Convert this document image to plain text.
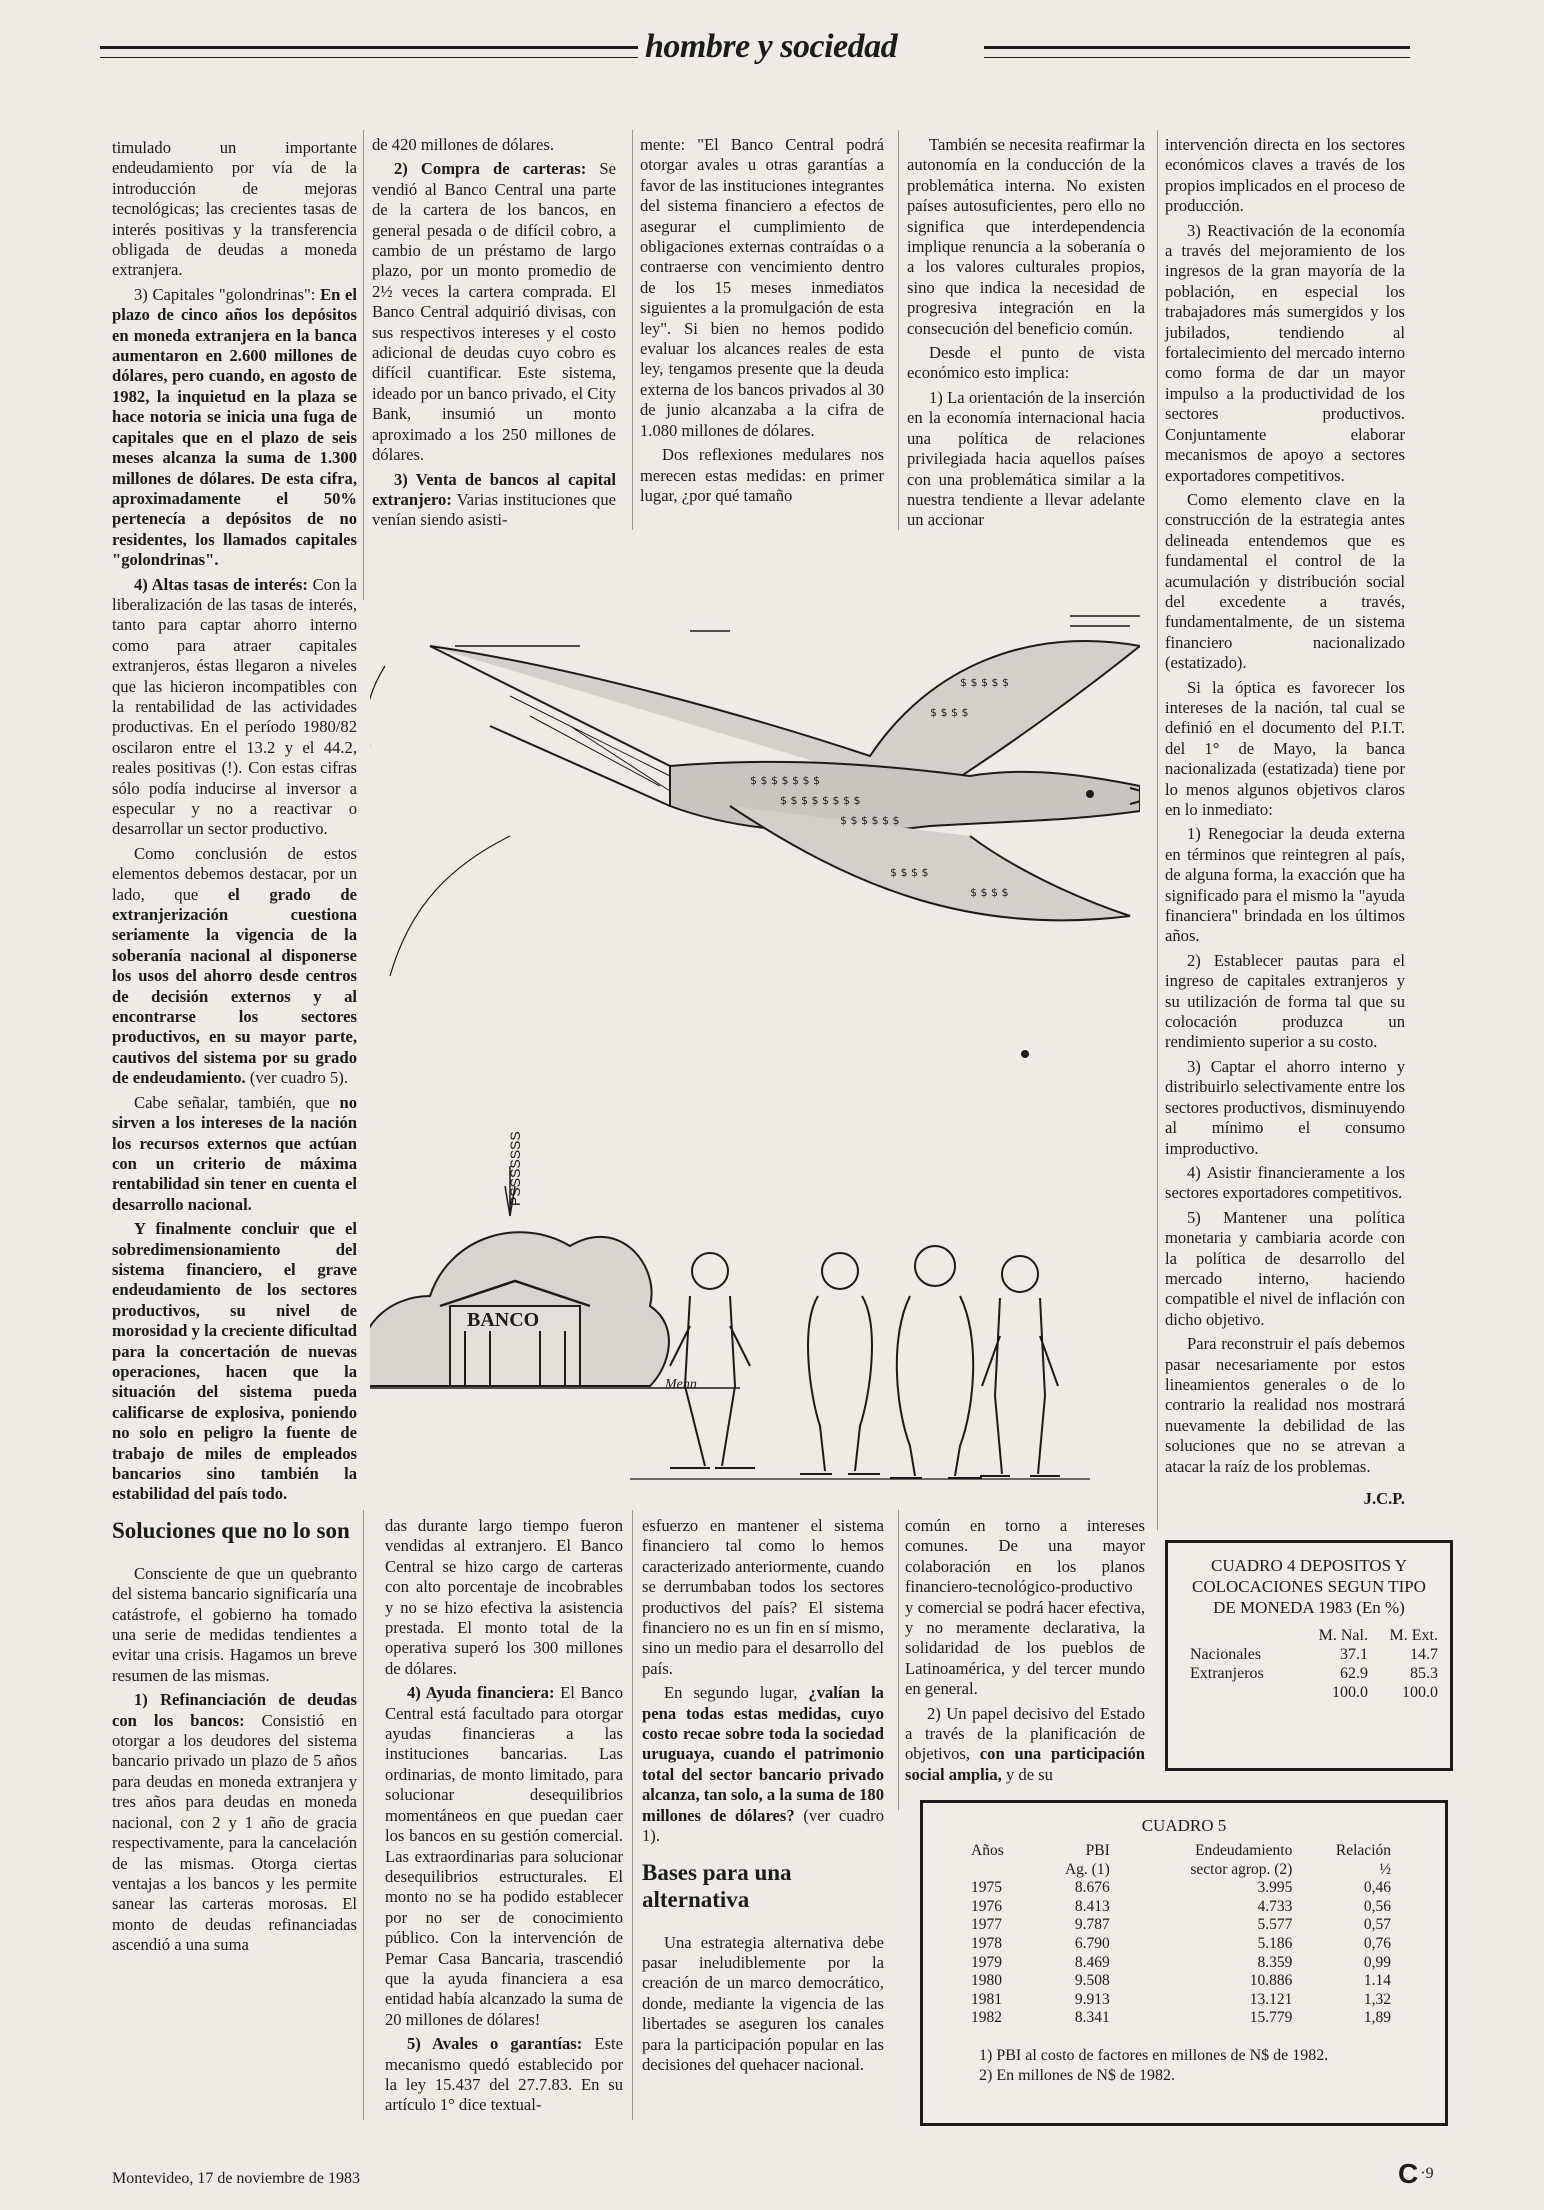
hombre y sociedad

timulado un importante endeudamiento por vía de la introducción de mejoras tecnológicas; las crecientes tasas de interés positivas y la transferencia obligada de deudas a moneda extranjera.

3) Capitales "golondrinas": En el plazo de cinco años los depósitos en moneda extranjera en la banca aumentaron en 2.600 millones de dólares, pero cuando, en agosto de 1982, la inquietud en la plaza se hace notoria se inicia una fuga de capitales que en el plazo de seis meses alcanza la suma de 1.300 millones de dólares. De esta cifra, aproximadamente el 50% pertenecía a depósitos de no residentes, los llamados capitales "golondrinas".

4) Altas tasas de interés: Con la liberalización de las tasas de interés, tanto para captar ahorro interno como para atraer capitales extranjeros, éstas llegaron a niveles que las hicieron incompatibles con la rentabilidad de las actividades productivas. En el período 1980/82 oscilaron entre el 13.2 y el 44.2, reales positivas (!). Con estas cifras sólo podía inducirse al inversor a especular y no a reactivar o desarrollar un sector productivo.

Como conclusión de estos elementos debemos destacar, por un lado, que el grado de extranjerización cuestiona seriamente la vigencia de la soberanía nacional al disponerse los usos del ahorro desde centros de decisión externos y al encontrarse los sectores productivos, en su mayor parte, cautivos del sistema por su grado de endeudamiento. (ver cuadro 5).

Cabe señalar, también, que no sirven a los intereses de la nación los recursos externos que actúan con un criterio de máxima rentabilidad sin tener en cuenta el desarrollo nacional.

Y finalmente concluir que el sobredimensionamiento del sistema financiero, el grave endeudamiento de los sectores productivos, su nivel de morosidad y la creciente dificultad para la concertación de nuevas operaciones, hacen que la situación del sistema pueda calificarse de explosiva, poniendo no solo en peligro la fuente de trabajo de miles de empleados bancarios sino también la estabilidad del país todo.

Soluciones que no lo son

Consciente de que un quebranto del sistema bancario significaría una catástrofe, el gobierno ha tomado una serie de medidas tendientes a evitar una crisis. Hagamos un breve resumen de las mismas.

1) Refinanciación de deudas con los bancos: Consistió en otorgar a los deudores del sistema bancario privado un plazo de 5 años para deudas en moneda extranjera y tres años para deudas en moneda nacional, con 2 y 1 año de gracia respectivamente, para la cancelación de las mismas. Otorga ciertas ventajas a los bancos y les permite sanear las carteras morosas. El monto de deudas refinanciadas ascendió a una suma

de 420 millones de dólares.

2) Compra de carteras: Se vendió al Banco Central una parte de la cartera de los bancos, en general pesada o de difícil cobro, a cambio de un préstamo de largo plazo, por un monto promedio de 2½ veces la cartera comprada. El Banco Central adquirió divisas, con sus respectivos intereses y el costo adicional de deudas cuyo cobro es difícil cuantificar. Este sistema, ideado por un banco privado, el City Bank, insumió un monto aproximado a los 250 millones de dólares.

3) Venta de bancos al capital extranjero: Varias instituciones que venían siendo asisti-

mente: "El Banco Central podrá otorgar avales u otras garantías a favor de las instituciones integrantes del sistema financiero a efectos de asegurar el cumplimiento de obligaciones externas contraídas o a contraerse con vencimiento dentro de los 15 meses inmediatos siguientes a la promulgación de esta ley". Si bien no hemos podido evaluar los alcances reales de esta ley, tengamos presente que la deuda externa de los bancos privados al 30 de junio alcanzaba a la cifra de 1.080 millones de dólares.

Dos reflexiones medulares nos merecen estas medidas: en primer lugar, ¿por qué tamaño

También se necesita reafirmar la autonomía en la conducción de la problemática interna. No existen países autosuficientes, pero ello no significa que interdependencia implique renuncia a la soberanía o a los valores culturales propios, sino que indica la necesidad de progresiva integración en la consecución del beneficio común.

Desde el punto de vista económico esto implica:

1) La orientación de la inserción en la economía internacional hacia una política de relaciones privilegiada hacia aquellos países con una problemática similar a la nuestra tendiente a llevar adelante un accionar

intervención directa en los sectores económicos claves a través de los propios implicados en el proceso de producción.

3) Reactivación de la economía a través del mejoramiento de los ingresos de la gran mayoría de la población, en especial los trabajadores más sumergidos y los jubilados, tendiendo al fortalecimiento del mercado interno como forma de dar un mayor impulso a la productividad de los sectores productivos. Conjuntamente elaborar mecanismos de apoyo a sectores exportadores competitivos.

Como elemento clave en la construcción de la estrategia antes delineada entendemos que es fundamental el control de la acumulación y distribución social del excedente a través, fundamentalmente, de un sistema financiero nacionalizado (estatizado).

Si la óptica es favorecer los intereses de la nación, tal cual se definió en el documento del P.I.T. del 1° de Mayo, la banca nacionalizada (estatizada) tiene por lo menos algunos objetivos claros en lo inmediato:

1) Renegociar la deuda externa en términos que reintegren al país, de alguna forma, la exacción que ha significado para el mismo la "ayuda financiera" brindada en los últimos años.

2) Establecer pautas para el ingreso de capitales extranjeros y su utilización de forma tal que su colocación produzca un rendimiento superior a su costo.

3) Captar el ahorro interno y distribuirlo selectivamente entre los sectores productivos, disminuyendo al mínimo el consumo improductivo.

4) Asistir financieramente a los sectores exportadores competitivos.

5) Mantener una política monetaria y cambiaria acorde con la política de desarrollo del mercado interno, haciendo compatible el nivel de inflación con dicho objetivo.

Para reconstruir el país debemos pasar necesariamente por estos lineamientos generales o de lo contrario la realidad nos mostrará nuevamente la debilidad de las soluciones que no se atrevan a atacar la raíz de los problemas.

J.C.P.
$ $ $ $ $ $ $
$ $ $ $ $ $ $ $
$ $ $ $ $ $
$ $ $ $
$ $ $ $ $
$ $ $ $
$ $ $ $
BANCO
PSSSSSSS
Menn

das durante largo tiempo fueron vendidas al extranjero. El Banco Central se hizo cargo de carteras con alto porcentaje de incobrables y no se hizo efectiva la asistencia prestada. El monto total de la operativa superó los 300 millones de dólares.

4) Ayuda financiera: El Banco Central está facultado para otorgar ayudas financieras a las instituciones bancarias. Las ordinarias, de monto limitado, para solucionar desequilibrios momentáneos en que puedan caer los bancos en su gestión comercial. Las extraordinarias para solucionar desequilibrios estructurales. El monto no se ha podido establecer por no ser de conocimiento público. Con la intervención de Pemar Casa Bancaria, trascendió que la ayuda financiera a esa entidad había alcanzado la suma de 20 millones de dólares!

5) Avales o garantías: Este mecanismo quedó establecido por la ley 15.437 del 27.7.83. En su artículo 1° dice textual-

esfuerzo en mantener el sistema financiero tal como lo hemos caracterizado anteriormente, cuando se derrumbaban todos los sectores productivos del país? El sistema financiero no es un fin en sí mismo, sino un medio para el desarrollo del país.

En segundo lugar, ¿valían la pena todas estas medidas, cuyo costo recae sobre toda la sociedad uruguaya, cuando el patrimonio total del sector bancario privado alcanza, tan solo, a la suma de 180 millones de dólares? (ver cuadro 1).

Bases para una alternativa

Una estrategia alternativa debe pasar ineludiblemente por la creación de un marco democrático, donde, mediante la vigencia de las libertades se aseguren los canales para la participación popular en las decisiones del quehacer nacional.

común en torno a intereses comunes. De una mayor colaboración en los planos financiero-tecnológico-productivo y comercial se podrá hacer efectiva, y no meramente declarativa, la solidaridad de los pueblos de Latinoamérica, y del tercer mundo en general.

2) Un papel decisivo del Estado a través de la planificación de objetivos, con una participación social amplia, y de su

CUADRO 4 DEPOSITOS Y COLOCACIONES SEGUN TIPO DE MONEDA 1983 (En %)
	M. Nal.	M. Ext.
Nacionales	37.1	14.7
Extranjeros	62.9	85.3
	100.0	100.0
CUADRO 5
Años	PBI	Endeudamiento	Relación
	Ag. (1)	sector agrop. (2)	½
1975	8.676	3.995	0,46
1976	8.413	4.733	0,56
1977	9.787	5.577	0,57
1978	6.790	5.186	0,76
1979	8.469	8.359	0,99
1980	9.508	10.886	1.14
1981	9.913	13.121	1,32
1982	8.341	15.779	1,89
1) PBI al costo de factores en millones de N$ de 1982.
2) En millones de N$ de 1982.
Montevideo, 17 de noviembre de 1983	C · 9
